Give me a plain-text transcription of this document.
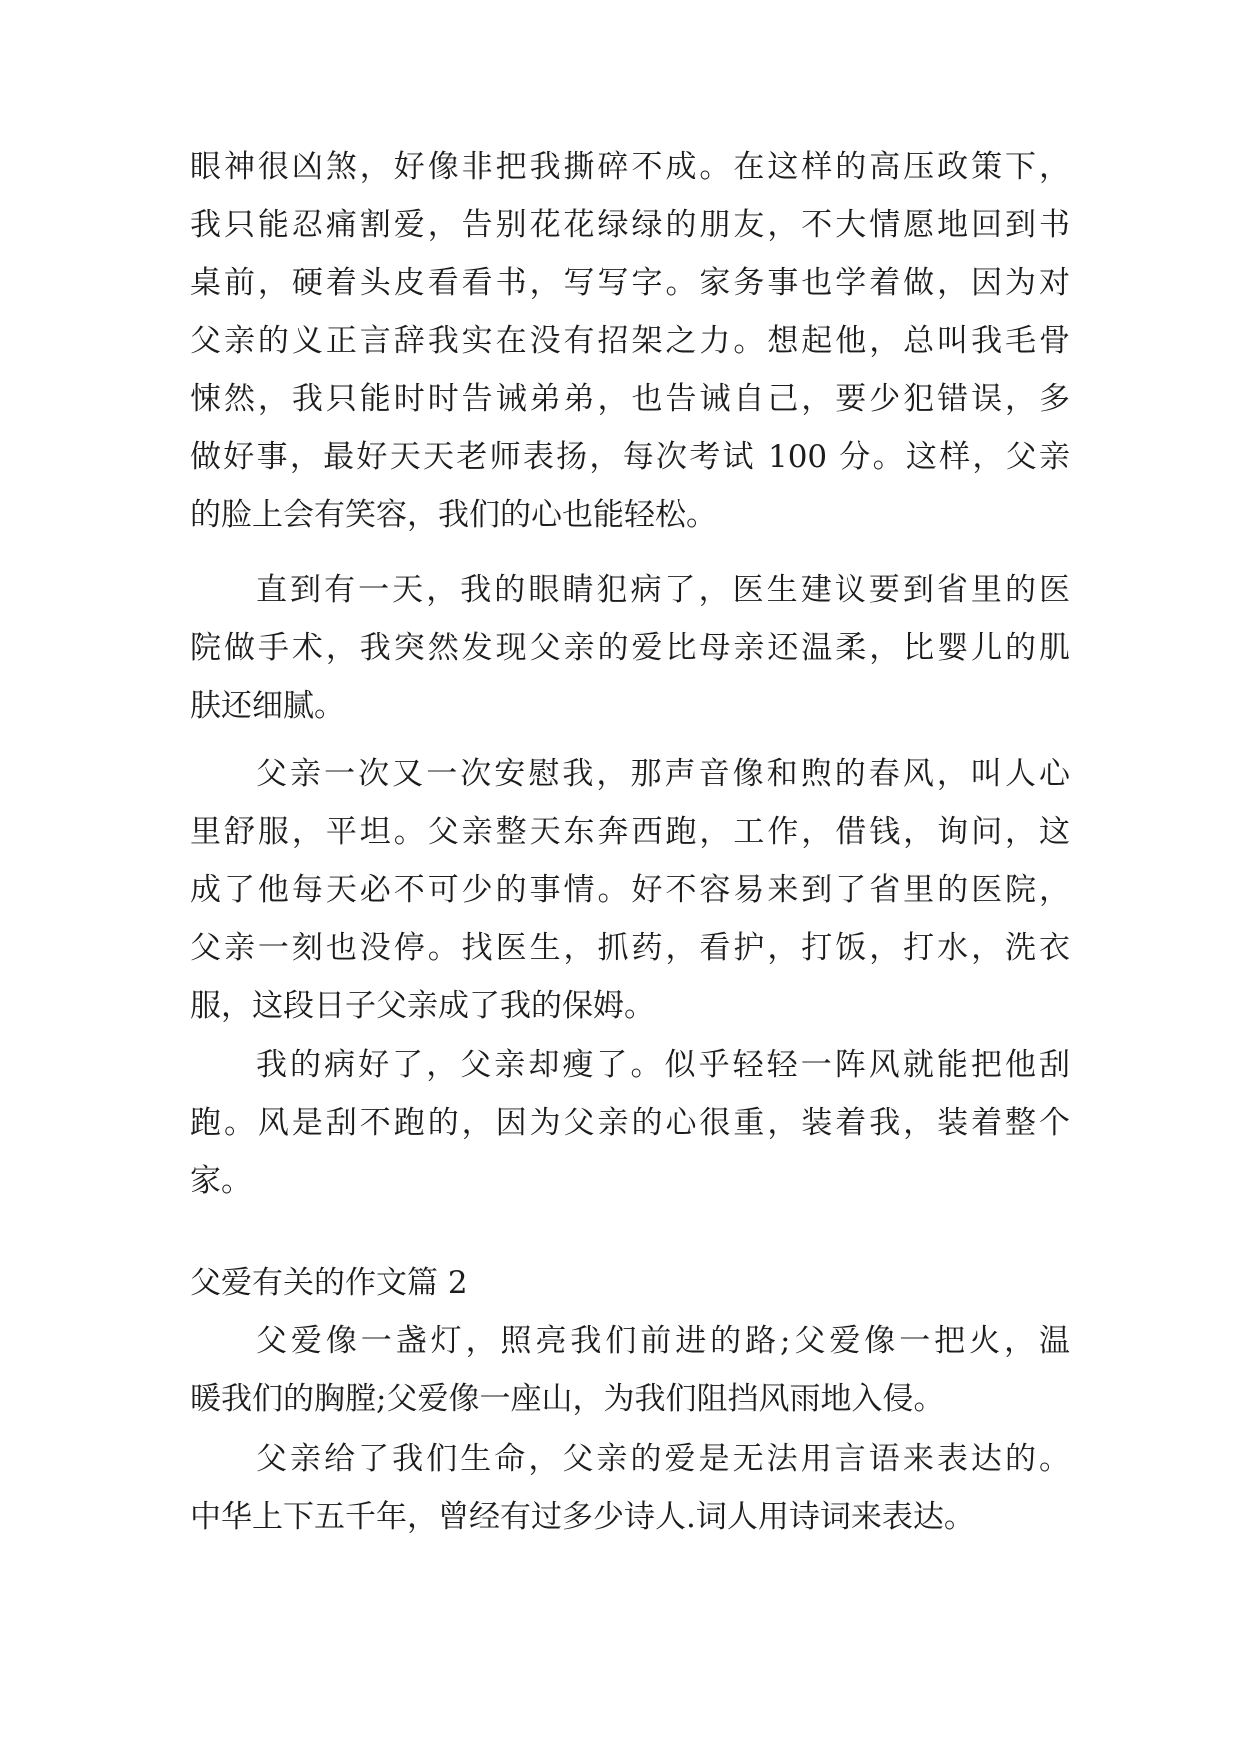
眼神很凶煞，好像非把我撕碎不成。在这样的高压政策下，
我只能忍痛割爱，告别花花绿绿的朋友，不大情愿地回到书
桌前，硬着头皮看看书，写写字。家务事也学着做，因为对
父亲的义正言辞我实在没有招架之力。想起他，总叫我毛骨
悚然，我只能时时告诫弟弟，也告诫自己，要少犯错误，多
做好事，最好天天老师表扬，每次考试 100 分。这样，父亲
的脸上会有笑容，我们的心也能轻松。
直到有一天，我的眼睛犯病了，医生建议要到省里的医
院做手术，我突然发现父亲的爱比母亲还温柔，比婴儿的肌
肤还细腻。
父亲一次又一次安慰我，那声音像和煦的春风，叫人心
里舒服，平坦。父亲整天东奔西跑，工作，借钱，询问，这
成了他每天必不可少的事情。好不容易来到了省里的医院，
父亲一刻也没停。找医生，抓药，看护，打饭，打水，洗衣
服，这段日子父亲成了我的保姆。
我的病好了，父亲却瘦了。似乎轻轻一阵风就能把他刮
跑。风是刮不跑的，因为父亲的心很重，装着我，装着整个
家。
父爱有关的作文篇 2
父爱像一盏灯，照亮我们前进的路;父爱像一把火，温
暖我们的胸膛;父爱像一座山，为我们阻挡风雨地入侵。
父亲给了我们生命，父亲的爱是无法用言语来表达的。
中华上下五千年，曾经有过多少诗人.词人用诗词来表达。
